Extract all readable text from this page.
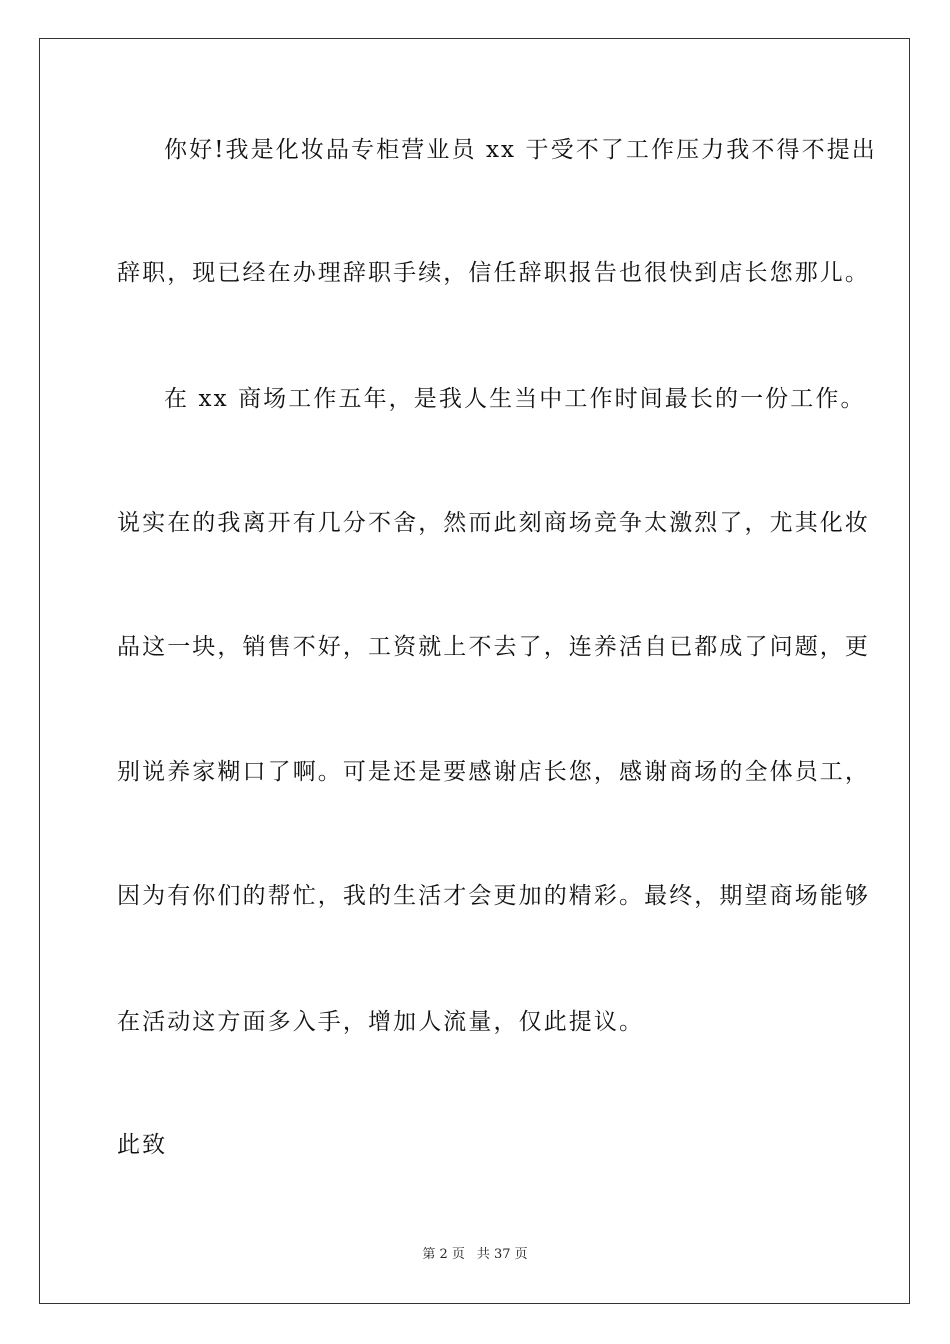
你好!我是化妆品专柜营业员 xx 于受不了工作压力我不得不提出
辞职，现已经在办理辞职手续，信任辞职报告也很快到店长您那儿。
在 xx 商场工作五年，是我人生当中工作时间最长的一份工作。
说实在的我离开有几分不舍，然而此刻商场竞争太激烈了，尤其化妆
品这一块，销售不好，工资就上不去了，连养活自已都成了问题，更
别说养家糊口了啊。可是还是要感谢店长您，感谢商场的全体员工，
因为有你们的帮忙，我的生活才会更加的精彩。最终，期望商场能够
在活动这方面多入手，增加人流量，仅此提议。
此致
第 2 页 共 37 页
